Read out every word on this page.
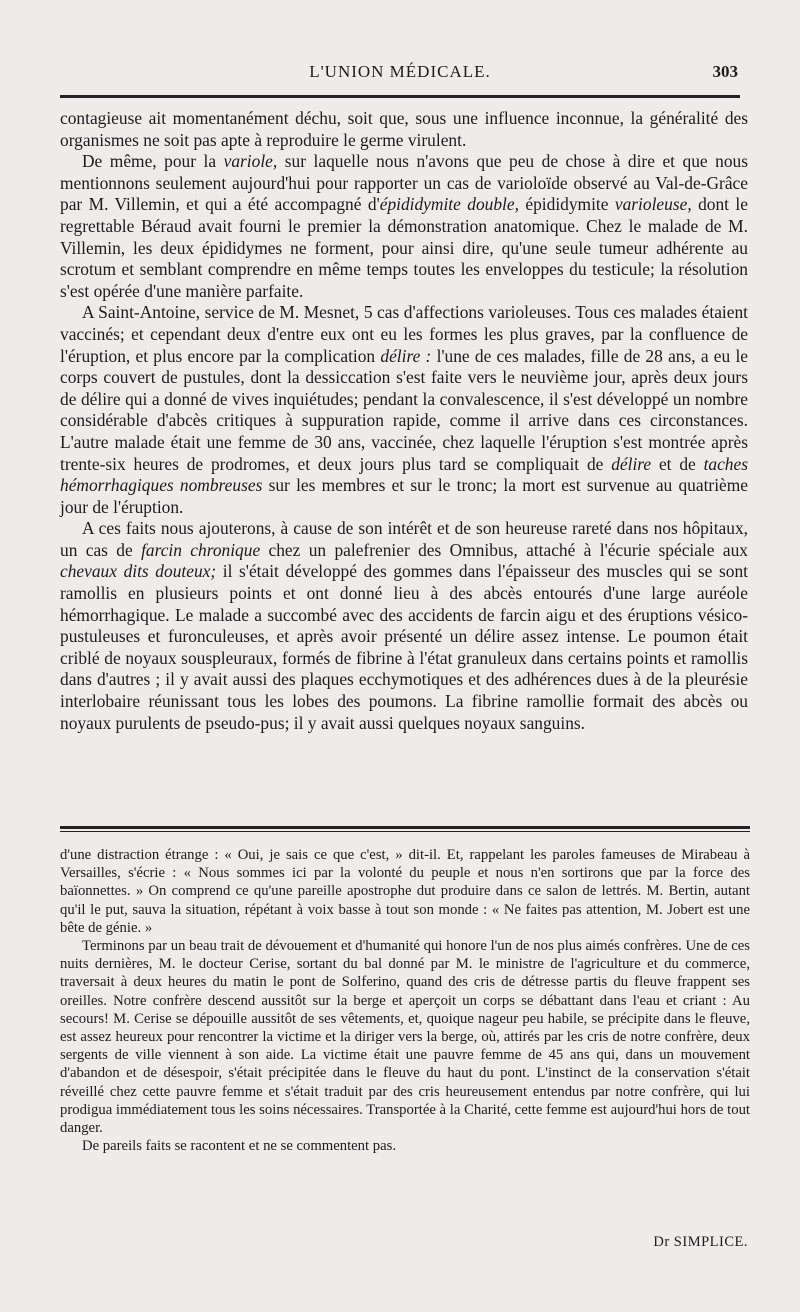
L'UNION MÉDICALE.	303

contagieuse ait momentanément déchu, soit que, sous une influence inconnue, la généralité des organismes ne soit pas apte à reproduire le germe virulent.

De même, pour la variole, sur laquelle nous n'avons que peu de chose à dire et que nous mentionnons seulement aujourd'hui pour rapporter un cas de varioloïde observé au Val-de-Grâce par M. Villemin, et qui a été accompagné d'épididymite double, épididymite varioleuse, dont le regrettable Béraud avait fourni le premier la démonstration anatomique. Chez le malade de M. Villemin, les deux épididymes ne forment, pour ainsi dire, qu'une seule tumeur adhérente au scrotum et semblant comprendre en même temps toutes les enveloppes du testicule; la résolution s'est opérée d'une manière parfaite.

A Saint-Antoine, service de M. Mesnet, 5 cas d'affections varioleuses. Tous ces malades étaient vaccinés; et cependant deux d'entre eux ont eu les formes les plus graves, par la confluence de l'éruption, et plus encore par la complication délire : l'une de ces malades, fille de 28 ans, a eu le corps couvert de pustules, dont la dessiccation s'est faite vers le neuvième jour, après deux jours de délire qui a donné de vives inquiétudes; pendant la convalescence, il s'est développé un nombre considérable d'abcès critiques à suppuration rapide, comme il arrive dans ces circonstances. L'autre malade était une femme de 30 ans, vaccinée, chez laquelle l'éruption s'est montrée après trente-six heures de prodromes, et deux jours plus tard se compliquait de délire et de taches hémorrhagiques nombreuses sur les membres et sur le tronc; la mort est survenue au quatrième jour de l'éruption.

A ces faits nous ajouterons, à cause de son intérêt et de son heureuse rareté dans nos hôpitaux, un cas de farcin chronique chez un palefrenier des Omnibus, attaché à l'écurie spéciale aux chevaux dits douteux; il s'était développé des gommes dans l'épaisseur des muscles qui se sont ramollis en plusieurs points et ont donné lieu à des abcès entourés d'une large auréole hémorrhagique. Le malade a succombé avec des accidents de farcin aigu et des éruptions vésico-pustuleuses et furonculeuses, et après avoir présenté un délire assez intense. Le poumon était criblé de noyaux souspleuraux, formés de fibrine à l'état granuleux dans certains points et ramollis dans d'autres ; il y avait aussi des plaques ecchymotiques et des adhérences dues à de la pleurésie interlobaire réunissant tous les lobes des poumons. La fibrine ramollie formait des abcès ou noyaux purulents de pseudo-pus; il y avait aussi quelques noyaux sanguins.

d'une distraction étrange : « Oui, je sais ce que c'est, » dit-il. Et, rappelant les paroles fameuses de Mirabeau à Versailles, s'écrie : « Nous sommes ici par la volonté du peuple et nous n'en sortirons que par la force des baïonnettes. » On comprend ce qu'une pareille apostrophe dut produire dans ce salon de lettrés. M. Bertin, autant qu'il le put, sauva la situation, répétant à voix basse à tout son monde : « Ne faites pas attention, M. Jobert est une bête de génie. »

Terminons par un beau trait de dévouement et d'humanité qui honore l'un de nos plus aimés confrères. Une de ces nuits dernières, M. le docteur Cerise, sortant du bal donné par M. le ministre de l'agriculture et du commerce, traversait à deux heures du matin le pont de Solferino, quand des cris de détresse partis du fleuve frappent ses oreilles. Notre confrère descend aussitôt sur la berge et aperçoit un corps se débattant dans l'eau et criant : Au secours! M. Cerise se dépouille aussitôt de ses vêtements, et, quoique nageur peu habile, se précipite dans le fleuve, est assez heureux pour rencontrer la victime et la diriger vers la berge, où, attirés par les cris de notre confrère, deux sergents de ville viennent à son aide. La victime était une pauvre femme de 45 ans qui, dans un mouvement d'abandon et de désespoir, s'était précipitée dans le fleuve du haut du pont. L'instinct de la conservation s'était réveillé chez cette pauvre femme et s'était traduit par des cris heureusement entendus par notre confrère, qui lui prodigua immédiatement tous les soins nécessaires. Transportée à la Charité, cette femme est aujourd'hui hors de tout danger.

De pareils faits se racontent et ne se commentent pas.

Dr SIMPLICE.
